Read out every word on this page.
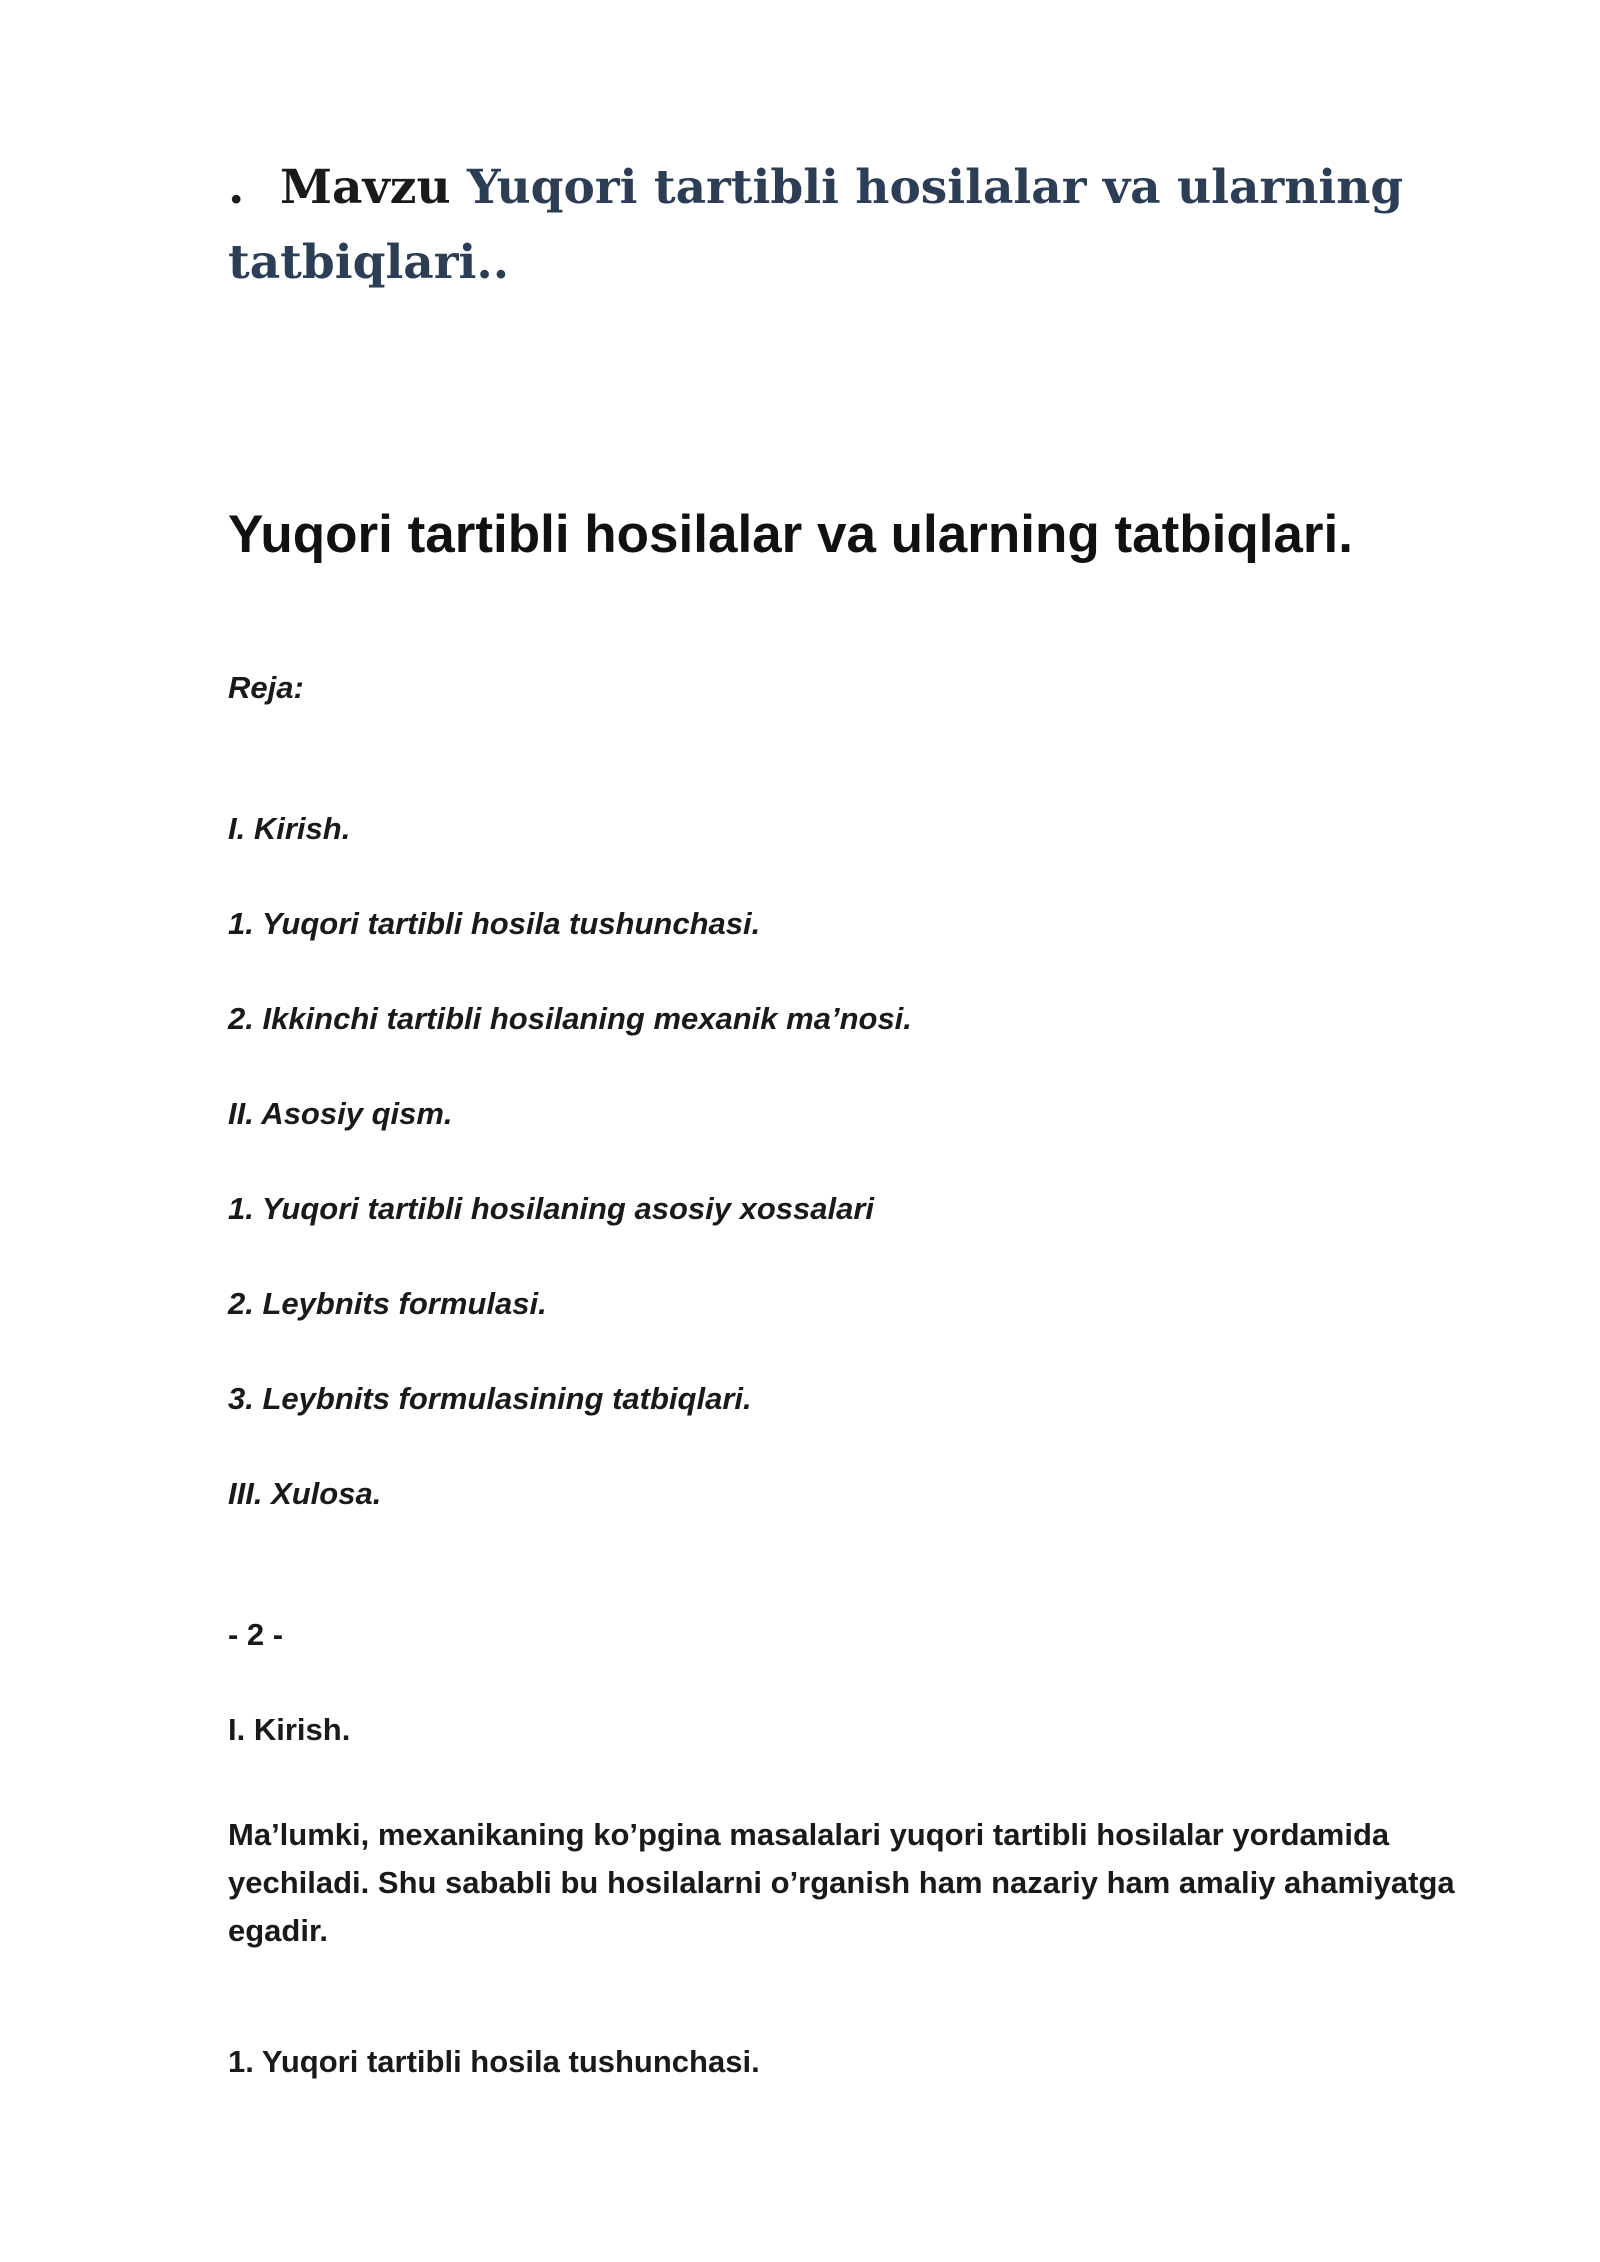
. Mavzu Yuqori tartibli hosilalar va ularning tatbiqlari..
Yuqori tartibli hosilalar va ularning tatbiqlari.

Reja:

I. Kirish.

1. Yuqori tartibli hosila tushunchasi.

2. Ikkinchi tartibli hosilaning mexanik ma’nosi.

II. Asosiy qism.

1. Yuqori tartibli hosilaning asosiy xossalari

2. Leybnits formulasi.

3. Leybnits formulasining tatbiqlari.

III. Xulosa.

- 2 -

I. Kirish.

Ma’lumki, mexanikaning ko’pgina masalalari yuqori tartibli hosilalar yordamida yechiladi. Shu sababli bu hosilalarni o’rganish ham nazariy ham amaliy ahamiyatga egadir.

1. Yuqori tartibli hosila tushunchasi.
